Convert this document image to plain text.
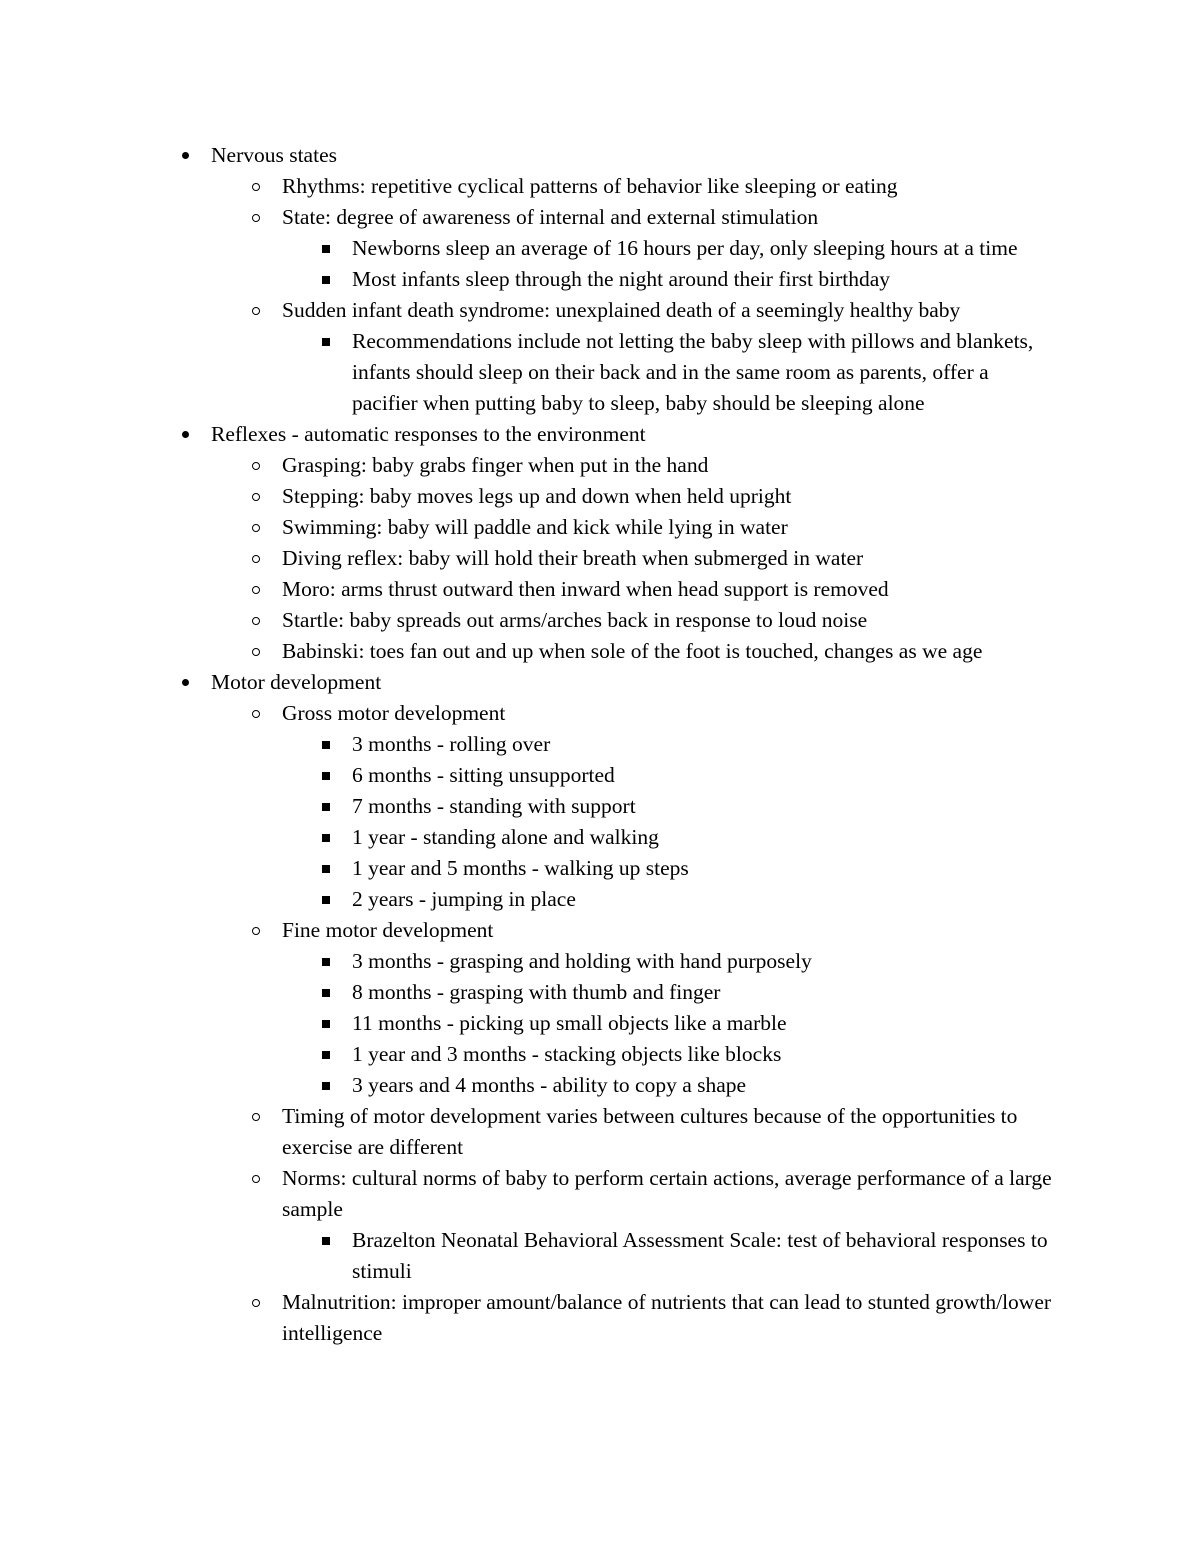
Nervous states
Rhythms: repetitive cyclical patterns of behavior like sleeping or eating
State: degree of awareness of internal and external stimulation
Newborns sleep an average of 16 hours per day, only sleeping hours at a time
Most infants sleep through the night around their first birthday
Sudden infant death syndrome: unexplained death of a seemingly healthy baby
Recommendations include not letting the baby sleep with pillows and blankets, infants should sleep on their back and in the same room as parents, offer a pacifier when putting baby to sleep, baby should be sleeping alone
Reflexes - automatic responses to the environment
Grasping: baby grabs finger when put in the hand
Stepping: baby moves legs up and down when held upright
Swimming: baby will paddle and kick while lying in water
Diving reflex: baby will hold their breath when submerged in water
Moro: arms thrust outward then inward when head support is removed
Startle: baby spreads out arms/arches back in response to loud noise
Babinski: toes fan out and up when sole of the foot is touched, changes as we age
Motor development
Gross motor development
3 months - rolling over
6 months - sitting unsupported
7 months - standing with support
1 year - standing alone and walking
1 year and 5 months - walking up steps
2 years - jumping in place
Fine motor development
3 months - grasping and holding with hand purposely
8 months - grasping with thumb and finger
11 months - picking up small objects like a marble
1 year and 3 months - stacking objects like blocks
3 years and 4 months - ability to copy a shape
Timing of motor development varies between cultures because of the opportunities to exercise are different
Norms: cultural norms of baby to perform certain actions, average performance of a large sample
Brazelton Neonatal Behavioral Assessment Scale: test of behavioral responses to stimuli
Malnutrition: improper amount/balance of nutrients that can lead to stunted growth/lower intelligence
